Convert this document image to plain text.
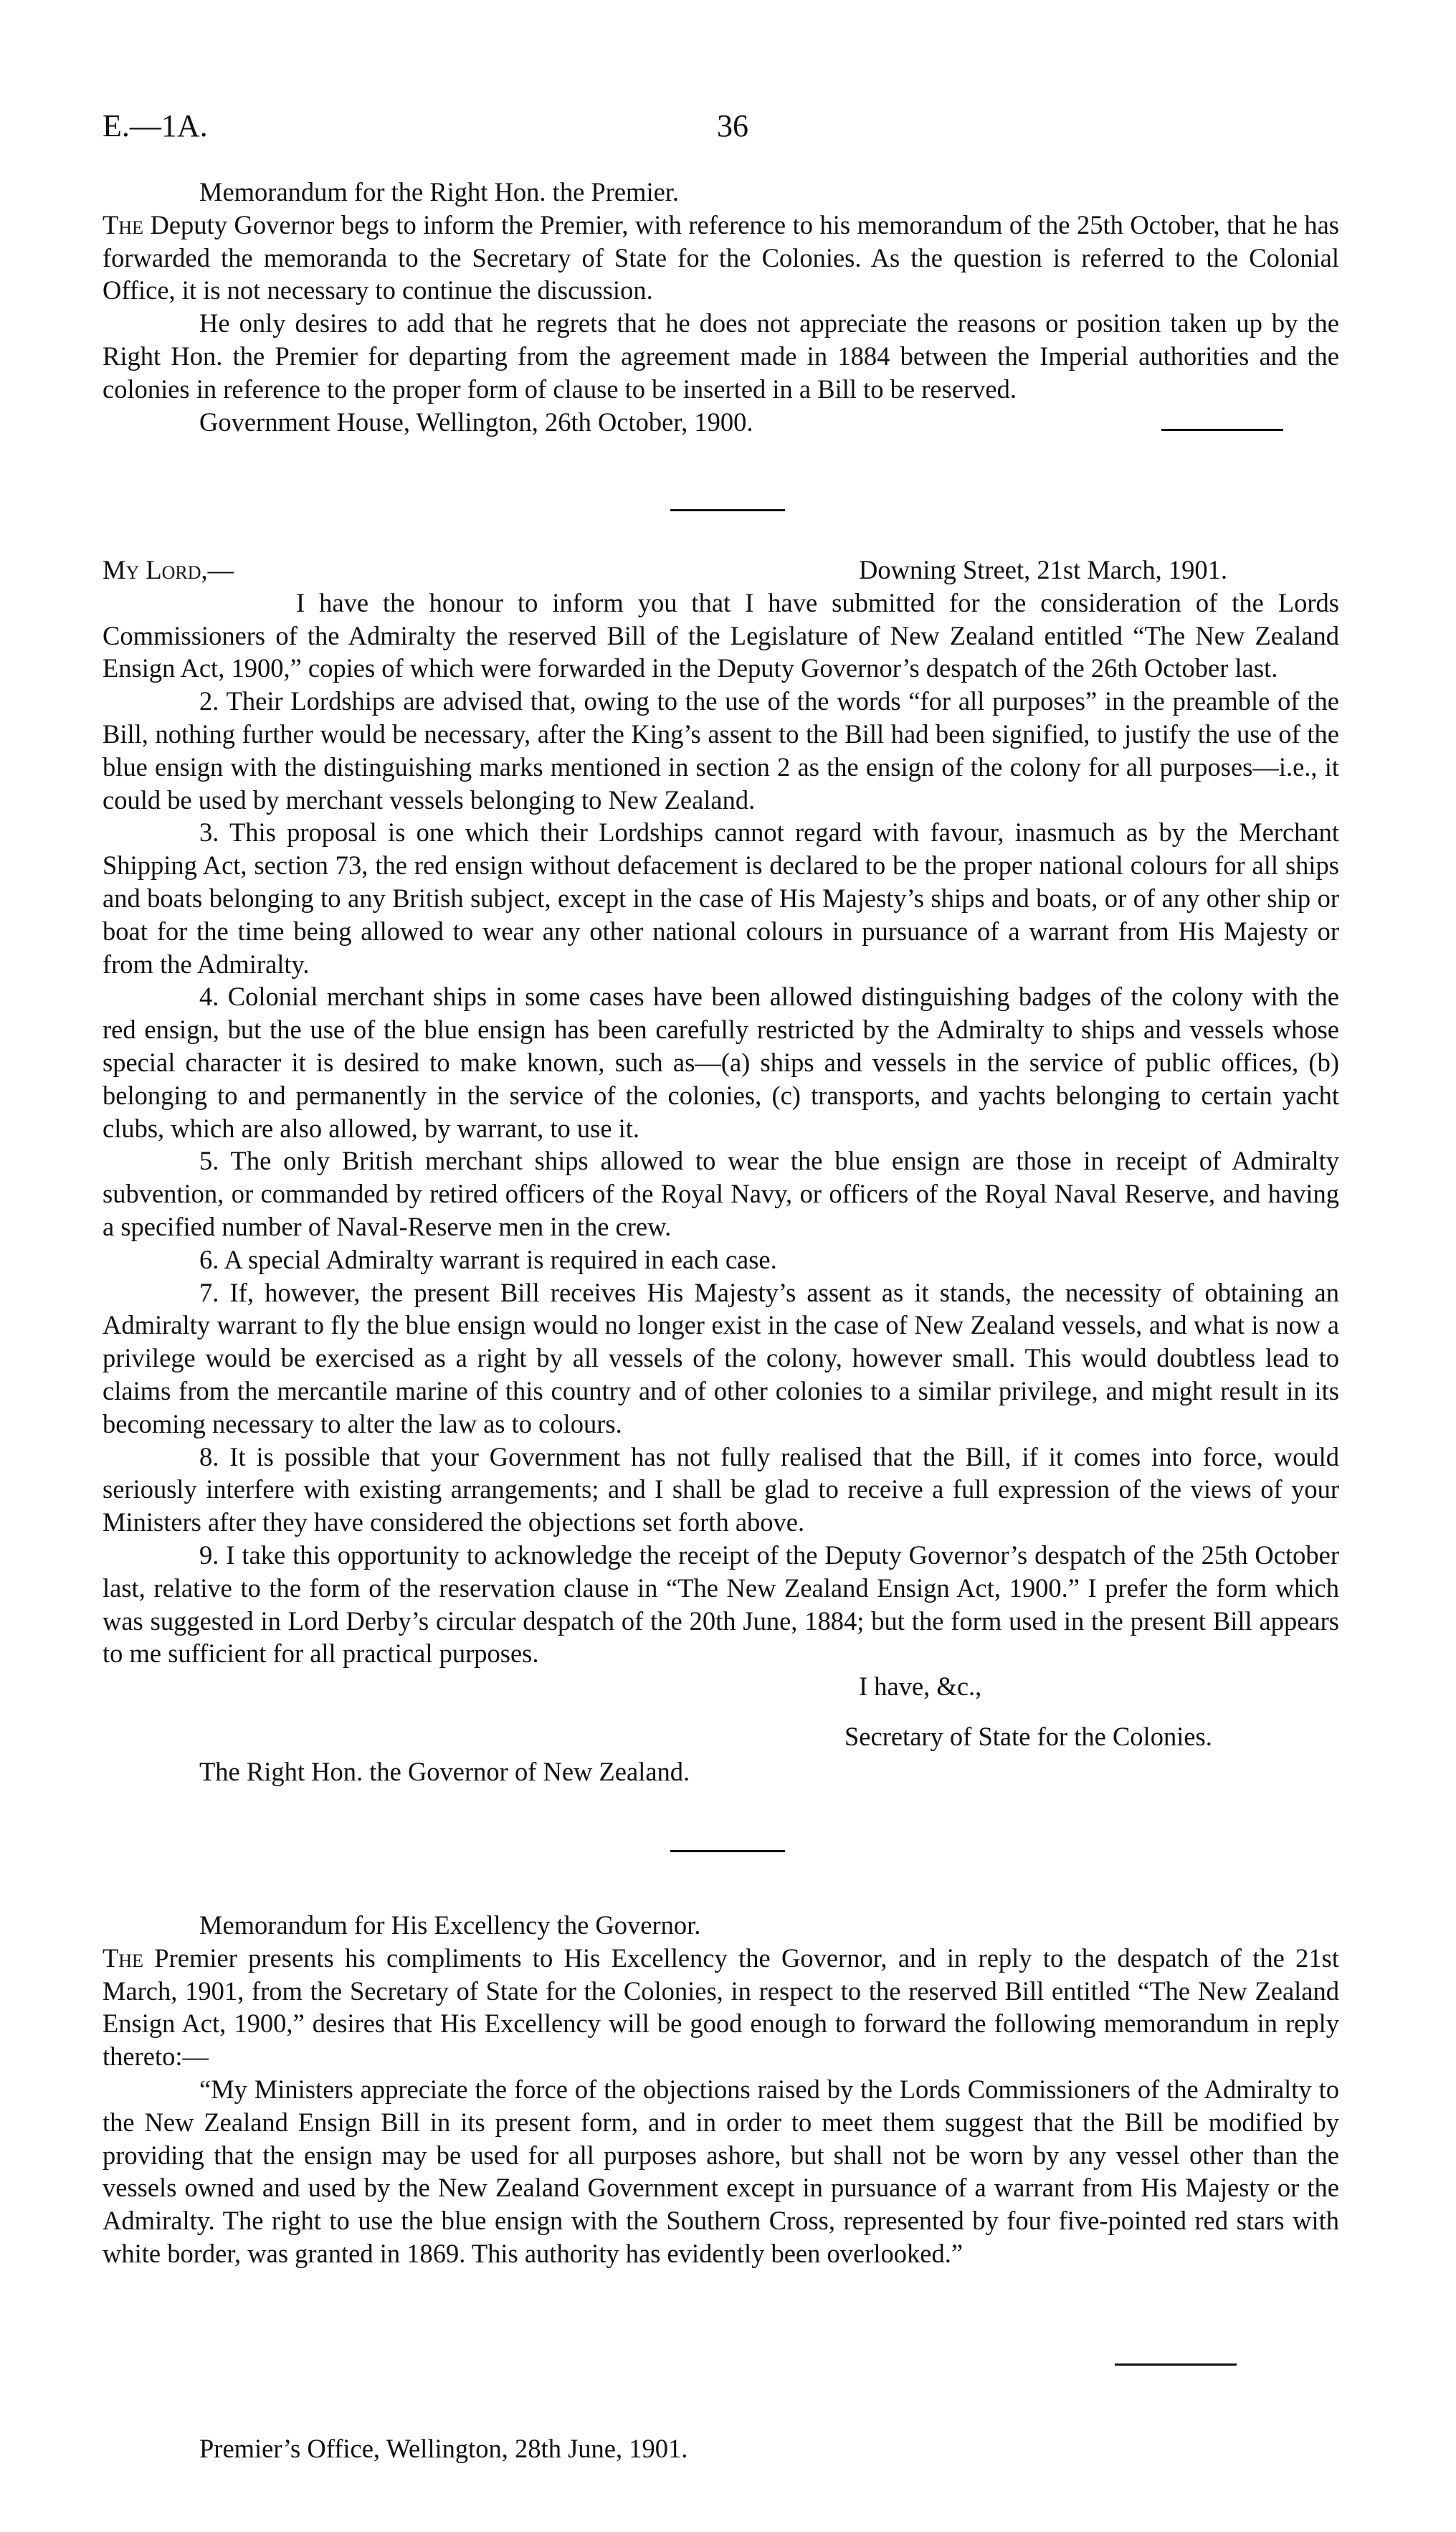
E.—1A.	36

Memorandum for the Right Hon. the Premier.

The Deputy Governor begs to inform the Premier, with reference to his memorandum of the 25th October, that he has forwarded the memoranda to the Secretary of State for the Colonies. As the question is referred to the Colonial Office, it is not necessary to continue the discussion.

He only desires to add that he regrets that he does not appreciate the reasons or position taken up by the Right Hon. the Premier for departing from the agreement made in 1884 between the Imperial authorities and the colonies in reference to the proper form of clause to be inserted in a Bill to be reserved.

Government House, Wellington, 26th October, 1900.

My Lord,—	Downing Street, 21st March, 1901.

I have the honour to inform you that I have submitted for the consideration of the Lords Commissioners of the Admiralty the reserved Bill of the Legislature of New Zealand entitled “The New Zealand Ensign Act, 1900,” copies of which were forwarded in the Deputy Governor’s despatch of the 26th October last.

2. Their Lordships are advised that, owing to the use of the words “for all purposes” in the preamble of the Bill, nothing further would be necessary, after the King’s assent to the Bill had been signified, to justify the use of the blue ensign with the distinguishing marks mentioned in section 2 as the ensign of the colony for all purposes—i.e., it could be used by merchant vessels belonging to New Zealand.

3. This proposal is one which their Lordships cannot regard with favour, inasmuch as by the Merchant Shipping Act, section 73, the red ensign without defacement is declared to be the proper national colours for all ships and boats belonging to any British subject, except in the case of His Majesty’s ships and boats, or of any other ship or boat for the time being allowed to wear any other national colours in pursuance of a warrant from His Majesty or from the Admiralty.

4. Colonial merchant ships in some cases have been allowed distinguishing badges of the colony with the red ensign, but the use of the blue ensign has been carefully restricted by the Admiralty to ships and vessels whose special character it is desired to make known, such as—(a) ships and vessels in the service of public offices, (b) belonging to and permanently in the service of the colonies, (c) transports, and yachts belonging to certain yacht clubs, which are also allowed, by warrant, to use it.

5. The only British merchant ships allowed to wear the blue ensign are those in receipt of Admiralty subvention, or commanded by retired officers of the Royal Navy, or officers of the Royal Naval Reserve, and having a specified number of Naval-Reserve men in the crew.

6. A special Admiralty warrant is required in each case.

7. If, however, the present Bill receives His Majesty’s assent as it stands, the necessity of obtaining an Admiralty warrant to fly the blue ensign would no longer exist in the case of New Zealand vessels, and what is now a privilege would be exercised as a right by all vessels of the colony, however small. This would doubtless lead to claims from the mercantile marine of this country and of other colonies to a similar privilege, and might result in its becoming necessary to alter the law as to colours.

8. It is possible that your Government has not fully realised that the Bill, if it comes into force, would seriously interfere with existing arrangements; and I shall be glad to receive a full expression of the views of your Ministers after they have considered the objections set forth above.

9. I take this opportunity to acknowledge the receipt of the Deputy Governor’s despatch of the 25th October last, relative to the form of the reservation clause in “The New Zealand Ensign Act, 1900.” I prefer the form which was suggested in Lord Derby’s circular despatch of the 20th June, 1884; but the form used in the present Bill appears to me sufficient for all practical purposes.

I have, &c.,
Secretary of State for the Colonies.
The Right Hon. the Governor of New Zealand.

Memorandum for His Excellency the Governor.

The Premier presents his compliments to His Excellency the Governor, and in reply to the despatch of the 21st March, 1901, from the Secretary of State for the Colonies, in respect to the reserved Bill entitled “The New Zealand Ensign Act, 1900,” desires that His Excellency will be good enough to forward the following memorandum in reply thereto:—

“My Ministers appreciate the force of the objections raised by the Lords Commissioners of the Admiralty to the New Zealand Ensign Bill in its present form, and in order to meet them suggest that the Bill be modified by providing that the ensign may be used for all purposes ashore, but shall not be worn by any vessel other than the vessels owned and used by the New Zealand Government except in pursuance of a warrant from His Majesty or the Admiralty. The right to use the blue ensign with the Southern Cross, represented by four five-pointed red stars with white border, was granted in 1869. This authority has evidently been overlooked.”

Premier’s Office, Wellington, 28th June, 1901.
